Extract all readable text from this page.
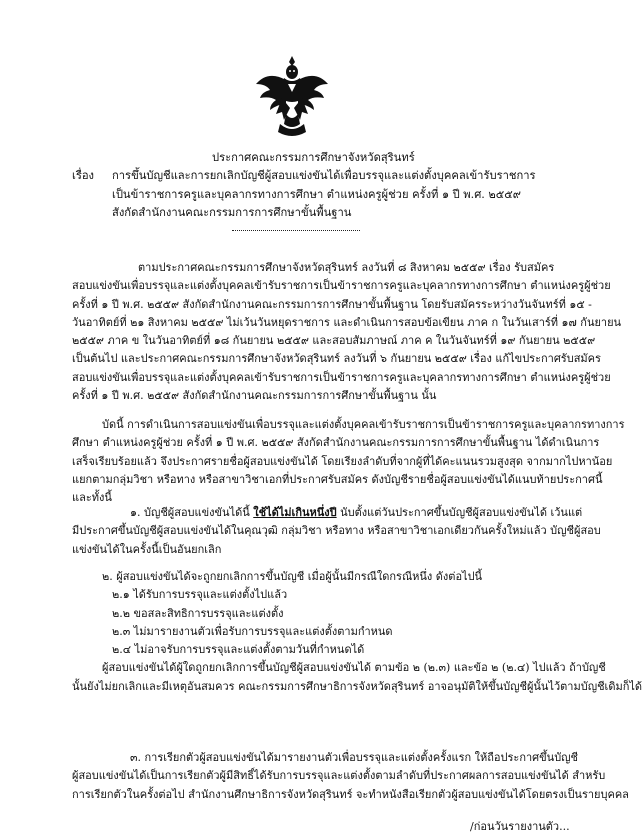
ประกาศคณะกรรมการศึกษาจังหวัดสุรินทร์
เรื่อง การขึ้นบัญชีและการยกเลิกบัญชีผู้สอบแข่งขันได้เพื่อบรรจุและแต่งตั้งบุคคลเข้ารับราชการ
เป็นข้าราชการครูและบุคลากรทางการศึกษา ตำแหน่งครูผู้ช่วย ครั้งที่ ๑ ปี พ.ศ. ๒๕๕๙
สังกัดสำนักงานคณะกรรมการการศึกษาขั้นพื้นฐาน
ตามประกาศคณะกรรมการศึกษาจังหวัดสุรินทร์ ลงวันที่ ๘ สิงหาคม ๒๕๕๙ เรื่อง รับสมัคร
สอบแข่งขันเพื่อบรรจุและแต่งตั้งบุคคลเข้ารับราชการเป็นข้าราชการครูและบุคลากรทางการศึกษา ตำแหน่งครูผู้ช่วย
ครั้งที่ ๑ ปี พ.ศ. ๒๕๕๙ สังกัดสำนักงานคณะกรรมการการศึกษาขั้นพื้นฐาน โดยรับสมัครระหว่างวันจันทร์ที่ ๑๕ -
วันอาทิตย์ที่ ๒๑ สิงหาคม ๒๕๕๙ ไม่เว้นวันหยุดราชการ และดำเนินการสอบข้อเขียน ภาค ก ในวันเสาร์ที่ ๑๗ กันยายน
๒๕๕๙ ภาค ข ในวันอาทิตย์ที่ ๑๘ กันยายน ๒๕๕๙ และสอบสัมภาษณ์ ภาค ค ในวันจันทร์ที่ ๑๙ กันยายน ๒๕๕๙
เป็นต้นไป และประกาศคณะกรรมการศึกษาจังหวัดสุรินทร์ ลงวันที่ ๖ กันยายน ๒๕๕๙ เรื่อง แก้ไขประกาศรับสมัคร
สอบแข่งขันเพื่อบรรจุและแต่งตั้งบุคคลเข้ารับราชการเป็นข้าราชการครูและบุคลากรทางการศึกษา ตำแหน่งครูผู้ช่วย
ครั้งที่ ๑ ปี พ.ศ. ๒๕๕๙ สังกัดสำนักงานคณะกรรมการการศึกษาขั้นพื้นฐาน นั้น
บัดนี้ การดำเนินการสอบแข่งขันเพื่อบรรจุและแต่งตั้งบุคคลเข้ารับราชการเป็นข้าราชการครูและบุคลากรทางการ
ศึกษา ตำแหน่งครูผู้ช่วย ครั้งที่ ๑ ปี พ.ศ. ๒๕๕๙ สังกัดสำนักงานคณะกรรมการการศึกษาขั้นพื้นฐาน ได้ดำเนินการ
เสร็จเรียบร้อยแล้ว จึงประกาศรายชื่อผู้สอบแข่งขันได้ โดยเรียงลำดับที่จากผู้ที่ได้คะแนนรวมสูงสุด จากมากไปหาน้อย
แยกตามกลุ่มวิชา หรือทาง หรือสาขาวิชาเอกที่ประกาศรับสมัคร ดังบัญชีรายชื่อผู้สอบแข่งขันได้แนบท้ายประกาศนี้
และทั้งนี้
๑. บัญชีผู้สอบแข่งขันได้นี้ ใช้ได้ไม่เกินหนึ่งปี นับตั้งแต่วันประกาศขึ้นบัญชีผู้สอบแข่งขันได้ เว้นแต่
มีประกาศขึ้นบัญชีผู้สอบแข่งขันได้ในคุณวุฒิ กลุ่มวิชา หรือทาง หรือสาขาวิชาเอกเดียวกันครั้งใหม่แล้ว บัญชีผู้สอบ
แข่งขันได้ในครั้งนี้เป็นอันยกเลิก
๒. ผู้สอบแข่งขันได้จะถูกยกเลิกการขึ้นบัญชี เมื่อผู้นั้นมีกรณีใดกรณีหนึ่ง ดังต่อไปนี้
๒.๑ ได้รับการบรรจุและแต่งตั้งไปแล้ว
๒.๒ ขอสละสิทธิการบรรจุและแต่งตั้ง
๒.๓ ไม่มารายงานตัวเพื่อรับการบรรจุและแต่งตั้งตามกำหนด
๒.๔ ไม่อาจรับการบรรจุและแต่งตั้งตามวันที่กำหนดได้
ผู้สอบแข่งขันได้ผู้ใดถูกยกเลิกการขึ้นบัญชีผู้สอบแข่งขันได้ ตามข้อ ๒ (๒.๓) และข้อ ๒ (๒.๔) ไปแล้ว ถ้าบัญชี
นั้นยังไม่ยกเลิกและมีเหตุอันสมควร คณะกรรมการศึกษาธิการจังหวัดสุรินทร์ อาจอนุมัติให้ขึ้นบัญชีผู้นั้นไว้ตามบัญชีเดิมก็ได้
๓. การเรียกตัวผู้สอบแข่งขันได้มารายงานตัวเพื่อบรรจุและแต่งตั้งครั้งแรก ให้ถือประกาศขึ้นบัญชี
ผู้สอบแข่งขันได้เป็นการเรียกตัวผู้มีสิทธิ์ได้รับการบรรจุและแต่งตั้งตามลำดับที่ประกาศผลการสอบแข่งขันได้ สำหรับ
การเรียกตัวในครั้งต่อไป สำนักงานศึกษาธิการจังหวัดสุรินทร์ จะทำหนังสือเรียกตัวผู้สอบแข่งขันได้โดยตรงเป็นรายบุคคล
/ก่อนวันรายงานตัว...
